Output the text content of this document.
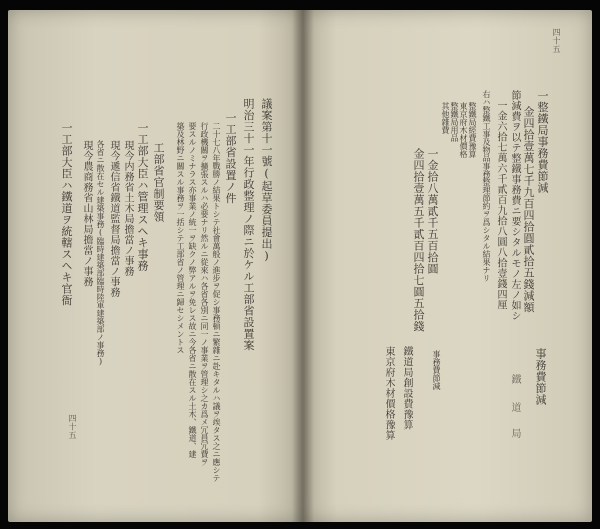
四十五
明治三十一年行政整理ノ際ニ於ケル工部省設置案 議案第十一號(起草委員提出)
一工部省設置ノ件
二十七八年戰勝ノ結果トシテ社會萬般ノ進步ヲ促シ事務頓ニ繁雜ニ赴キタルハ議ヲ竢タス之ニ應シテ
行政機關ヲ擴張スルハ必要ナリ然ルニ從來ハ各省各別ニ同一ノ事業ヲ管理シ之カ爲メ冗員冗費ヲ
要スルノミナラス亦事業ノ統一ヲ缺クノ弊アルヲ免レス故ニ今各省ニ散在スル土木、鐵道、建
築及林野ニ關スル事務ヲ一括シテ工部省ノ管理ニ歸セシメントス
工部省官制要領
一工部大臣ハ管理スヘキ事務
現今内務省土木局擔當ノ事務
現今遞信省鐵道監督局擔當ノ事務
各省ニ散在セル建築事務(臨時建築部臨時陸軍建築部ノ事務)
現今農商務省山林局擔當ノ事務
一工部大臣ハ鐵道ヲ統轄スヘキ官衙
四十五
一整鐵局事務費節減
金四拾壹萬七千九百四拾圓貳拾五錢減額
節減費ヲ以テ整鐵事務費ニ要シタルモノ左ノ如シ
一金六拾七萬六千貳百九拾八圓八拾壹錢四厘
右ハ整鐵工事及物品事務整理節約ヲ爲シタル結果ナリ
整鐵局經費豫算
東京府木材價格
整鐵局用品
其他雜費
一金拾八萬貳千五百拾圓
金四拾壹萬五千貳百四拾七圓五拾錢
事務費節減
鐵
道
局
事務費節減
鐵道局創設費豫算
東京府木材價格豫算
